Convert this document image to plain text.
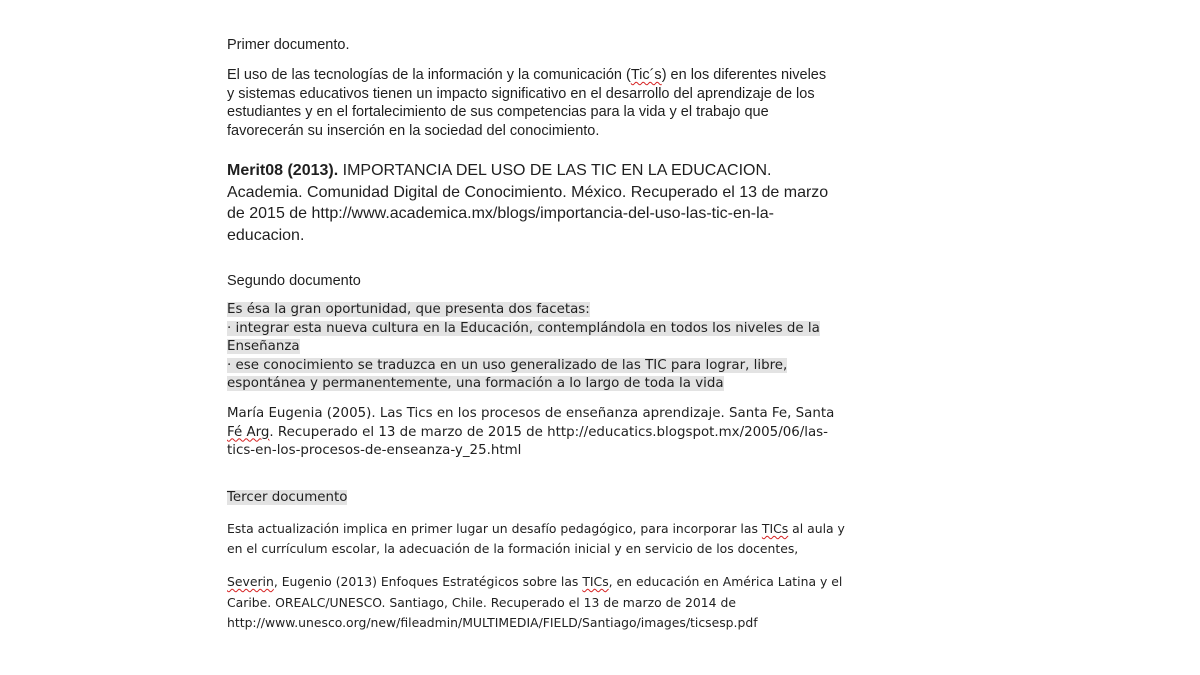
Primer documento.
El uso de las tecnologías de la información y la comunicación (Tic´s) en los diferentes niveles y sistemas educativos tienen un impacto significativo en el desarrollo del aprendizaje de los estudiantes y en el fortalecimiento de sus competencias para la vida y el trabajo que favorecerán su inserción en la sociedad del conocimiento.
Merit08 (2013). IMPORTANCIA DEL USO DE LAS TIC EN LA EDUCACION. Academia. Comunidad Digital de Conocimiento. México. Recuperado el 13 de marzo de 2015 de http://www.academica.mx/blogs/importancia-del-uso-las-tic-en-la-educacion.
Segundo documento
Es ésa la gran oportunidad, que presenta dos facetas:
· integrar esta nueva cultura en la Educación, contemplándola en todos los niveles de la Enseñanza
· ese conocimiento se traduzca en un uso generalizado de las TIC para lograr, libre, espontánea y permanentemente, una formación a lo largo de toda la vida
María Eugenia (2005). Las Tics en los procesos de enseñanza aprendizaje. Santa Fe, Santa Fé Arg. Recuperado el 13 de marzo de 2015 de http://educatics.blogspot.mx/2005/06/las-tics-en-los-procesos-de-enseanza-y_25.html
Tercer documento
Esta actualización implica en primer lugar un desafío pedagógico, para incorporar las TICs al aula y
en el currículum escolar, la adecuación de la formación inicial y en servicio de los docentes,
Severin, Eugenio (2013) Enfoques Estratégicos sobre las TICs, en educación en América Latina y el
Caribe. OREALC/UNESCO. Santiago, Chile. Recuperado el 13 de marzo de 2014 de
http://www.unesco.org/new/fileadmin/MULTIMEDIA/FIELD/Santiago/images/ticsesp.pdf
